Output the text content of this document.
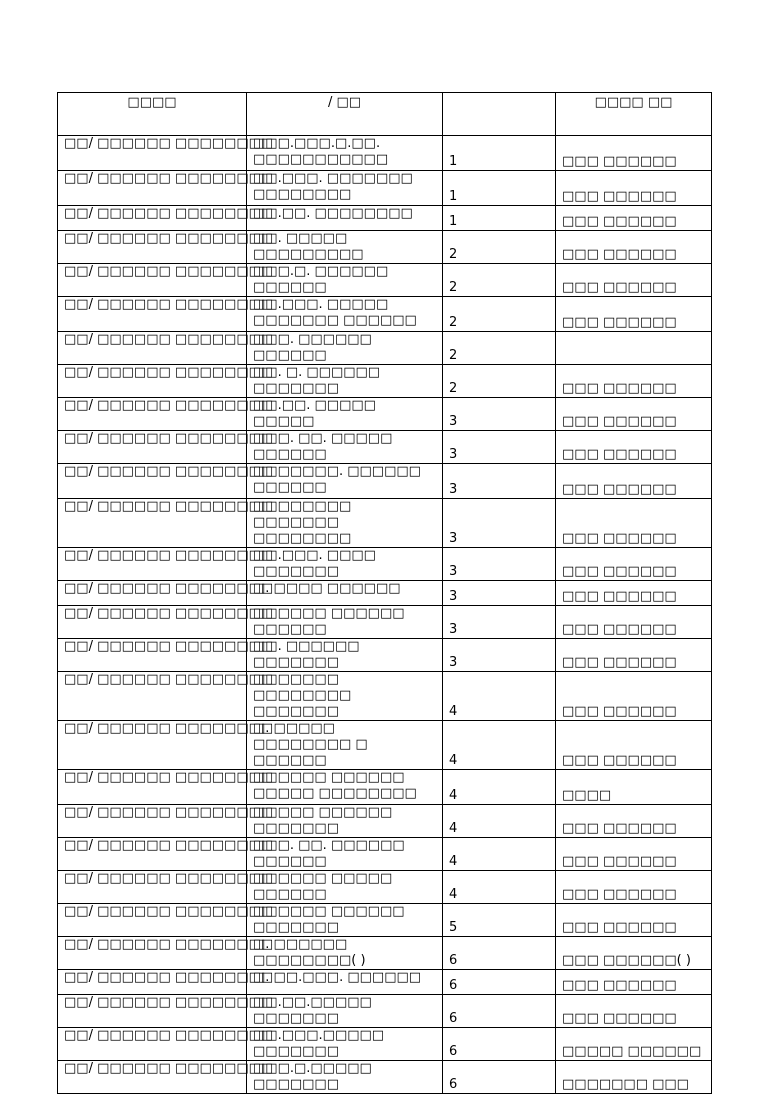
□□□□	/ □□		□□□□ □□
□□/ □□□□□□ □□□□□□□□	□□□.□□□.□.□□. □□□□□□□□□□□	1	□□□ □□□□□□
□□/ □□□□□□ □□□□□□□□	□□.□□□. □□□□□□□ □□□□□□□□	1	□□□ □□□□□□
□□/ □□□□□□ □□□□□□□□	□□.□□. □□□□□□□□	1	□□□ □□□□□□
□□/ □□□□□□ □□□□□□□□	□□. □□□□□ □□□□□□□□□	2	□□□ □□□□□□
□□/ □□□□□□ □□□□□□□□	□□□.□. □□□□□□ □□□□□□	2	□□□ □□□□□□
□□/ □□□□□□ □□□□□□□□	□□.□□□. □□□□□ □□□□□□□ □□□□□□	2	□□□ □□□□□□
□□/ □□□□□□ □□□□□□□□	□□□. □□□□□□ □□□□□□	2	
□□/ □□□□□□ □□□□□□□□	□□. □. □□□□□□ □□□□□□□	2	□□□ □□□□□□
□□/ □□□□□□ □□□□□□□□	□□.□□. □□□□□ □□□□□	3	□□□ □□□□□□
□□/ □□□□□□ □□□□□□□□	□□□. □□. □□□□□ □□□□□□	3	□□□ □□□□□□
□□/ □□□□□□ □□□□□□□□	□□□□□□□. □□□□□□ □□□□□□	3	□□□ □□□□□□
□□/ □□□□□□ □□□□□□□□	□□□□□□□□ □□□□□□□ □□□□□□□□	3	□□□ □□□□□□
□□/ □□□□□□ □□□□□□□□	□□.□□□. □□□□ □□□□□□□	3	□□□ □□□□□□
□□/ □□□□□□ □□□□□□□□	□. □□□□ □□□□□□	3	□□□ □□□□□□
□□/ □□□□□□ □□□□□□□□	□□□□□□ □□□□□□ □□□□□□	3	□□□ □□□□□□
□□/ □□□□□□ □□□□□□□□	□□. □□□□□□ □□□□□□□	3	□□□ □□□□□□
□□/ □□□□□□ □□□□□□□□	□□□□□□□ □□□□□□□□ □□□□□□□	4	□□□ □□□□□□
□□/ □□□□□□ □□□□□□□□	□. □□□□□ □□□□□□□□ □ □□□□□□	4	□□□ □□□□□□
□□/ □□□□□□ □□□□□□□□	□□□□□□ □□□□□□ □□□□□ □□□□□□□□	4	□□□□
□□/ □□□□□□ □□□□□□□□	□□□□□ □□□□□□ □□□□□□□	4	□□□ □□□□□□
□□/ □□□□□□ □□□□□□□□	□□□. □□. □□□□□□ □□□□□□	4	□□□ □□□□□□
□□/ □□□□□□ □□□□□□□□	□□□□□□ □□□□□ □□□□□□	4	□□□ □□□□□□
□□/ □□□□□□ □□□□□□□□	□□□□□□ □□□□□□ □□□□□□□	5	□□□ □□□□□□
□□/ □□□□□□ □□□□□□□□	□. □□□□□□ □□□□□□□□( )	6	□□□ □□□□□□( )
□□/ □□□□□□ □□□□□□□□	□. □□.□□□. □□□□□□	6	□□□ □□□□□□
□□/ □□□□□□ □□□□□□□□	□□.□□.□□□□□ □□□□□□□	6	□□□ □□□□□□
□□/ □□□□□□ □□□□□□□□	□□.□□□.□□□□□ □□□□□□□	6	□□□□□ □□□□□□
□□/ □□□□□□ □□□□□□□□	□□□.□.□□□□□ □□□□□□□	6	□□□□□□□ □□□
